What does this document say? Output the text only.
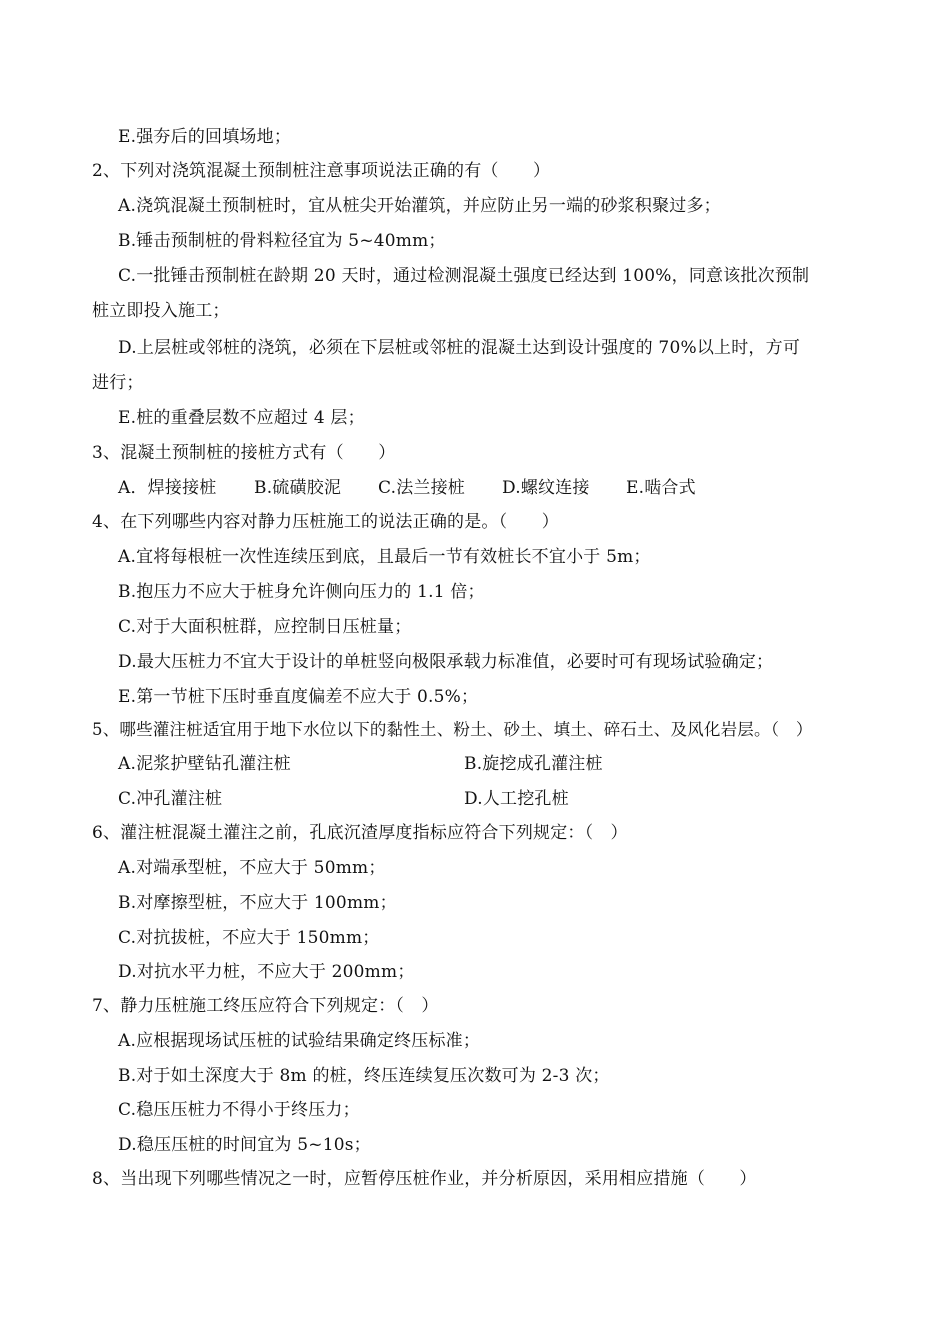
E.强夯后的回填场地；
2、下列对浇筑混凝土预制桩注意事项说法正确的有（　　）
A.浇筑混凝土预制桩时，宜从桩尖开始灌筑，并应防止另一端的砂浆积聚过多；
B.锤击预制桩的骨料粒径宜为 5~40mm；
C.一批锤击预制桩在龄期 20 天时，通过检测混凝土强度已经达到 100%，同意该批次预制
桩立即投入施工；
D.上层桩或邻桩的浇筑，必须在下层桩或邻桩的混凝土达到设计强度的 70%以上时，方可
进行；
E.桩的重叠层数不应超过 4 层；
3、混凝土预制桩的接桩方式有（　　）
A．焊接接桩 B.硫磺胶泥 C.法兰接桩 D.螺纹连接 E.啮合式
4、在下列哪些内容对静力压桩施工的说法正确的是。（　　）
A.宜将每根桩一次性连续压到底，且最后一节有效桩长不宜小于 5m；
B.抱压力不应大于桩身允许侧向压力的 1.1 倍；
C.对于大面积桩群，应控制日压桩量；
D.最大压桩力不宜大于设计的单桩竖向极限承载力标准值，必要时可有现场试验确定；
E.第一节桩下压时垂直度偏差不应大于 0.5%；
5、哪些灌注桩适宜用于地下水位以下的黏性土、粉土、砂土、填土、碎石土、及风化岩层。（　）
A.泥浆护壁钻孔灌注桩	B.旋挖成孔灌注桩
C.冲孔灌注桩	D.人工挖孔桩
6、灌注桩混凝土灌注之前，孔底沉渣厚度指标应符合下列规定：（　）
A.对端承型桩，不应大于 50mm；
B.对摩擦型桩，不应大于 100mm；
C.对抗拔桩，不应大于 150mm；
D.对抗水平力桩，不应大于 200mm；
7、静力压桩施工终压应符合下列规定：（　）
A.应根据现场试压桩的试验结果确定终压标准；
B.对于如土深度大于 8m 的桩，终压连续复压次数可为 2-3 次；
C.稳压压桩力不得小于终压力；
D.稳压压桩的时间宜为 5~10s；
8、当出现下列哪些情况之一时，应暂停压桩作业，并分析原因，采用相应措施（　　）
